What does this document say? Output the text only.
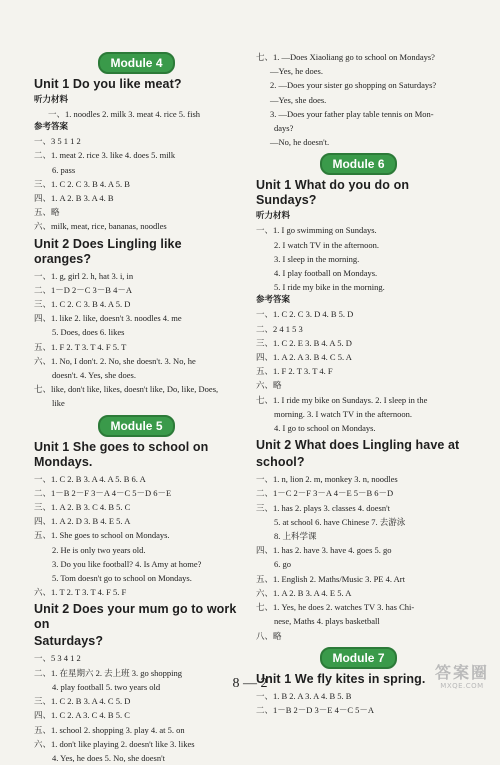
Module 4
Unit 1 Do you like meat?
听力材料
一、1. noodles 2. milk 3. meat 4. rice 5. fish
参考答案
一、3 5 1 1 2
二、1. meat 2. rice 3. like 4. does 5. milk
6. pass
三、1. C 2. C 3. B 4. A 5. B
四、1. A 2. B 3. A 4. B
五、略
六、milk, meat, rice, bananas, noodles
Unit 2 Does Lingling like oranges?
一、1. g, girl 2. h, hat 3. i, in
二、1－D 2－C 3－B 4－A
三、1. C 2. C 3. B 4. A 5. D
四、1. like 2. like, doesn't 3. noodles 4. me
5. Does, does 6. likes
五、1. F 2. T 3. T 4. F 5. T
六、1. No, I don't. 2. No, she doesn't. 3. No, he
doesn't. 4. Yes, she does.
七、like, don't like, likes, doesn't like, Do, like, Does,
like
Module 5
Unit 1 She goes to school on Mondays.
一、1. C 2. B 3. A 4. A 5. B 6. A
二、1－B 2－F 3－A 4－C 5－D 6－E
三、1. A 2. B 3. C 4. B 5. C
四、1. A 2. D 3. B 4. E 5. A
五、1. She goes to school on Mondays.
2. He is only two years old.
3. Do you like football? 4. Is Amy at home?
5. Tom doesn't go to school on Mondays.
六、1. T 2. T 3. T 4. F 5. F
Unit 2 Does your mum go to work on
Saturdays?
一、5 3 4 1 2
二、1. 在星期六 2. 去上班 3. go shopping
4. play football 5. two years old
三、1. C 2. B 3. A 4. C 5. D
四、1. C 2. A 3. C 4. B 5. C
五、1. school 2. shopping 3. play 4. at 5. on
六、1. don't like playing 2. doesn't like 3. likes
4. Yes, he does 5. No, she doesn't
七、1. —Does Xiaoliang go to school on Mondays?
—Yes, he does.
2. —Does your sister go shopping on Saturdays?
—Yes, she does.
3. —Does your father play table tennis on Mon-
days?
—No, he doesn't.
Module 6
Unit 1 What do you do on Sundays?
听力材料
一、1. I go swimming on Sundays.
2. I watch TV in the afternoon.
3. I sleep in the morning.
4. I play football on Mondays.
5. I ride my bike in the morning.
参考答案
一、1. C 2. C 3. D 4. B 5. D
二、2 4 1 5 3
三、1. C 2. E 3. B 4. A 5. D
四、1. A 2. A 3. B 4. C 5. A
五、1. F 2. T 3. T 4. F
六、略
七、1. I ride my bike on Sundays. 2. I sleep in the
morning. 3. I watch TV in the afternoon.
4. I go to school on Mondays.
Unit 2 What does Lingling have at
school?
一、1. n, lion 2. m, monkey 3. n, noodles
二、1－C 2－F 3－A 4－E 5－B 6－D
三、1. has 2. plays 3. classes 4. doesn't
5. at school 6. have Chinese 7. 去游泳
8. 上科学课
四、1. has 2. have 3. have 4. goes 5. go
6. go
五、1. English 2. Maths/Music 3. PE 4. Art
六、1. A 2. B 3. A 4. E 5. A
七、1. Yes, he does 2. watches TV 3. has Chi-
nese, Maths 4. plays basketball
八、略
Module 7
Unit 1 We fly kites in spring.
一、1. B 2. A 3. A 4. B 5. B
二、1－B 2－D 3－E 4－C 5－A
8 — 2
答案圈
MXQE.COM
